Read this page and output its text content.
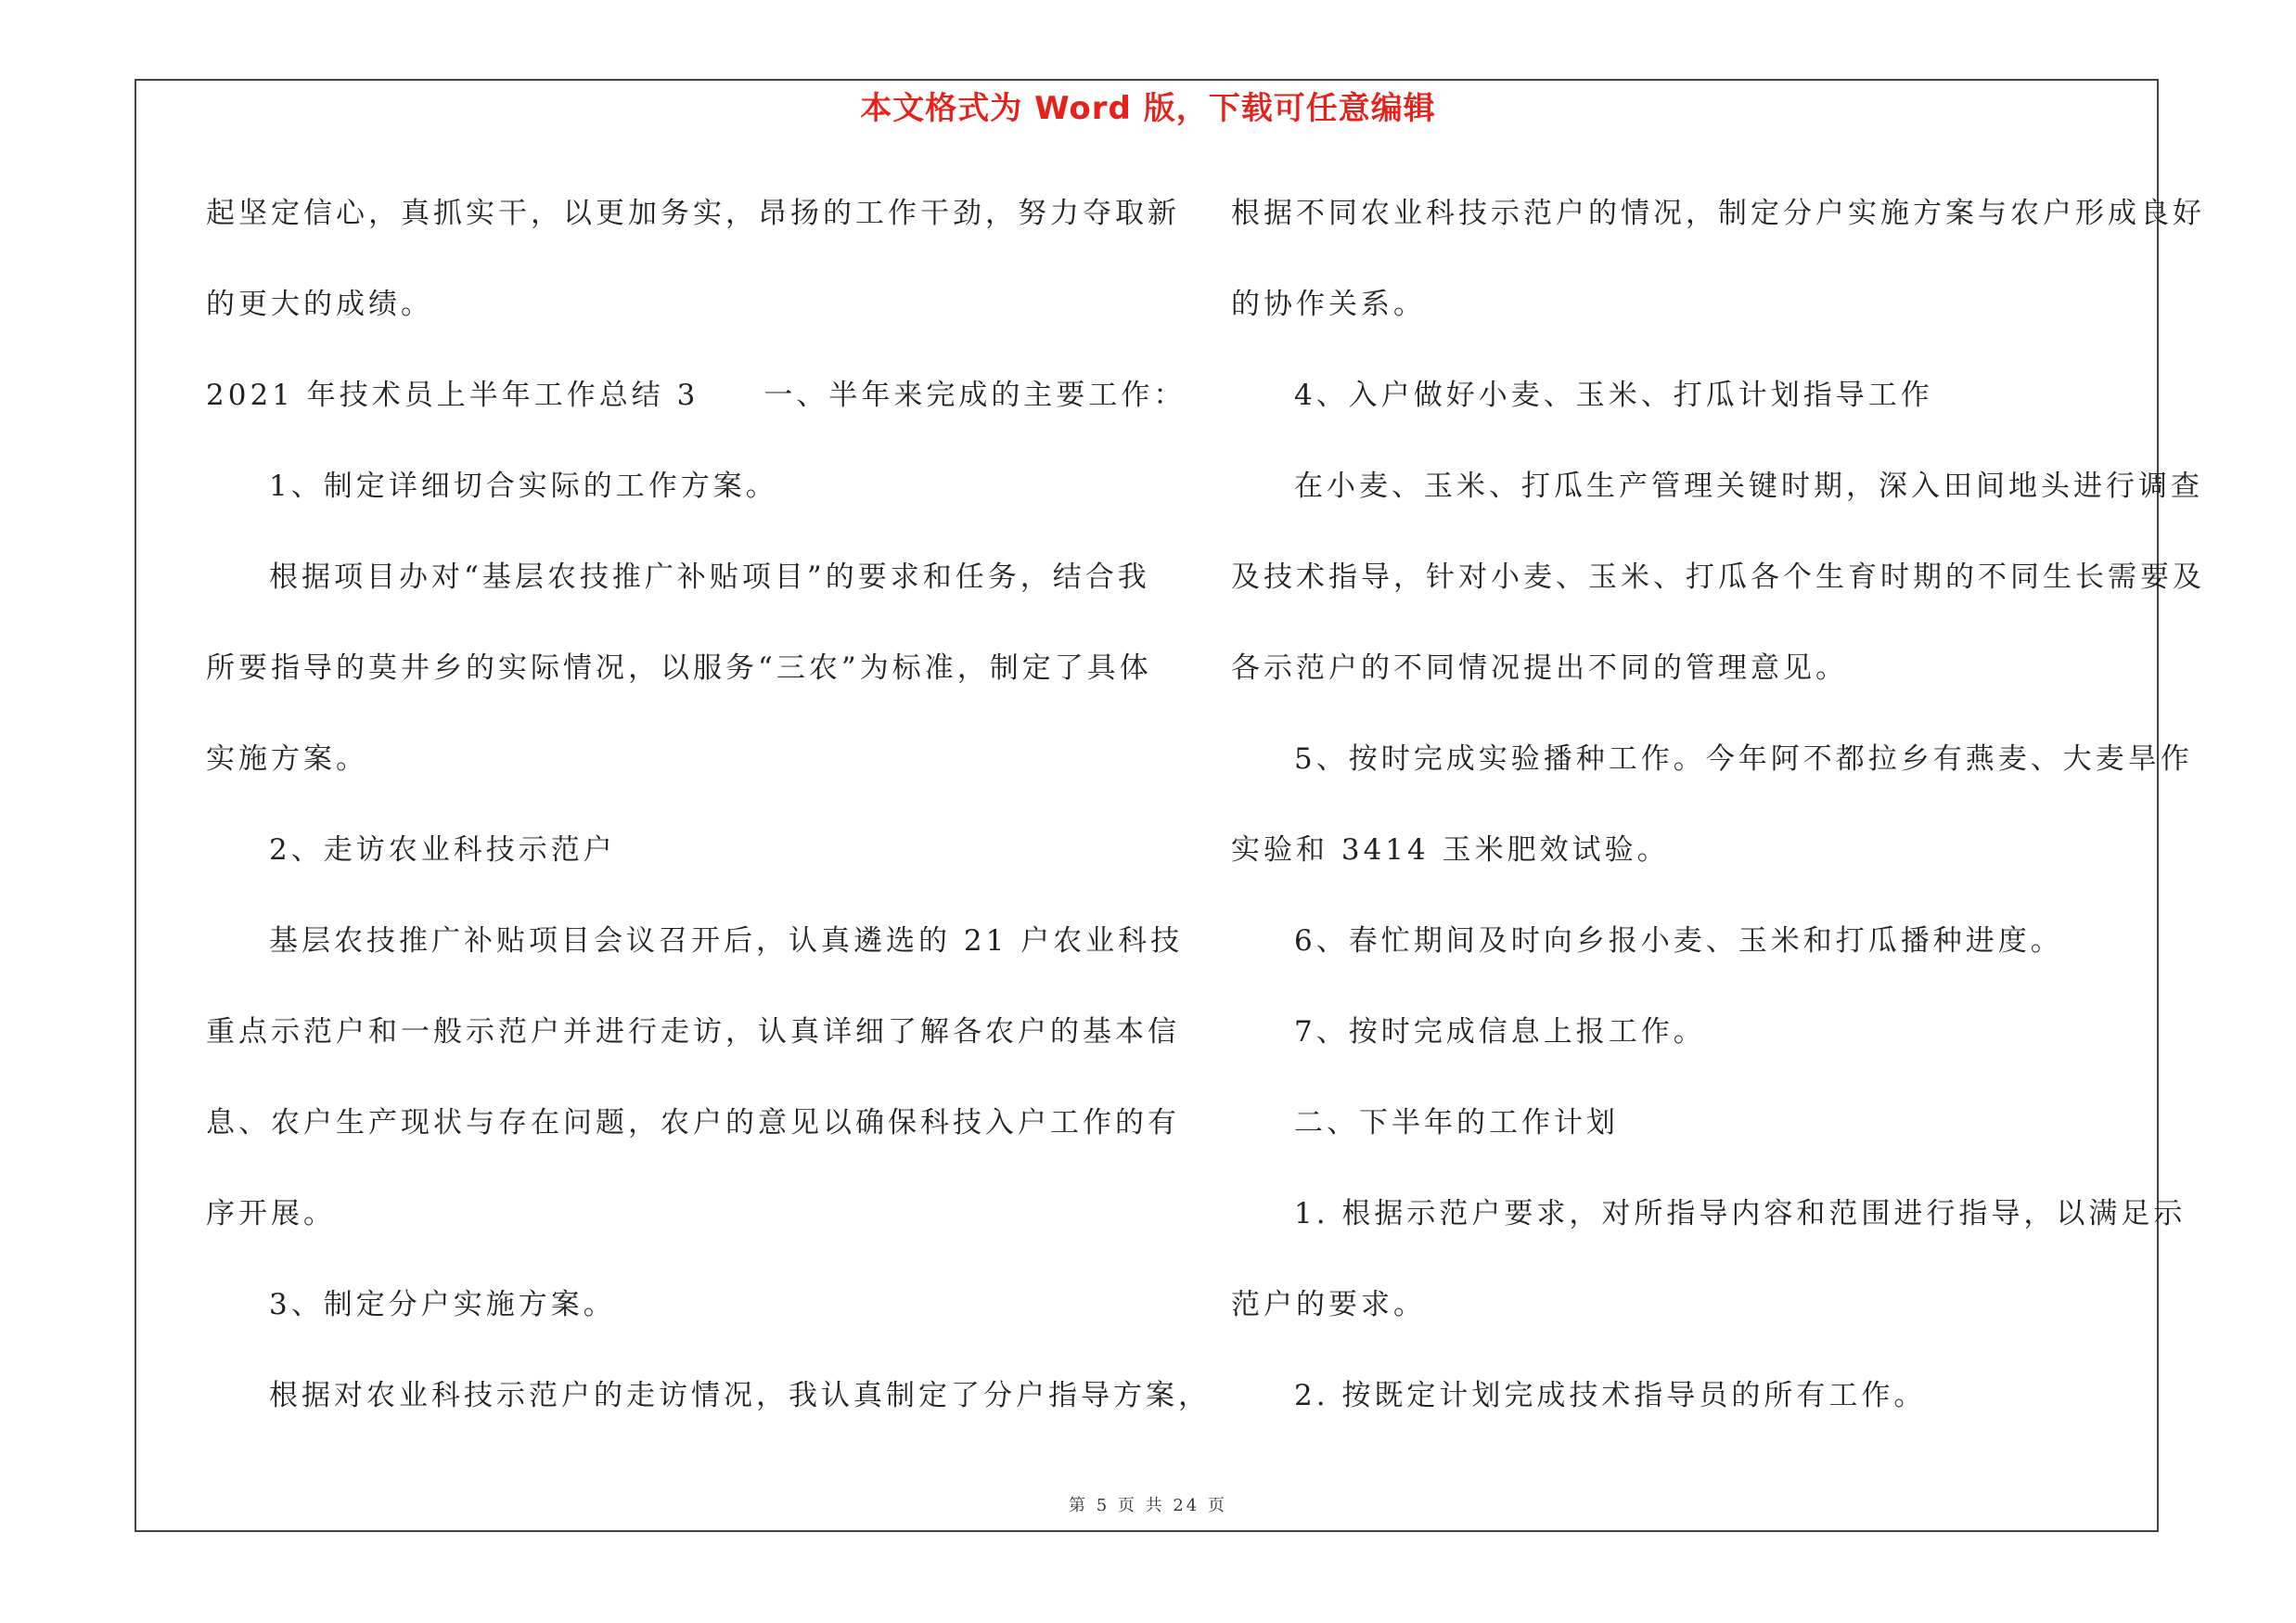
本文格式为 Word 版，下载可任意编辑
起坚定信心，真抓实干，以更加务实，昂扬的工作干劲，努力夺取新
的更大的成绩。
2021 年技术员上半年工作总结 3 一、半年来完成的主要工作：
1、制定详细切合实际的工作方案。
根据项目办对“基层农技推广补贴项目”的要求和任务，结合我
所要指导的莫井乡的实际情况，以服务“三农”为标准，制定了具体
实施方案。
2、走访农业科技示范户
基层农技推广补贴项目会议召开后，认真遴选的 21 户农业科技
重点示范户和一般示范户并进行走访，认真详细了解各农户的基本信
息、农户生产现状与存在问题，农户的意见以确保科技入户工作的有
序开展。
3、制定分户实施方案。
根据对农业科技示范户的走访情况，我认真制定了分户指导方案，
根据不同农业科技示范户的情况，制定分户实施方案与农户形成良好
的协作关系。
4、入户做好小麦、玉米、打瓜计划指导工作
在小麦、玉米、打瓜生产管理关键时期，深入田间地头进行调查
及技术指导，针对小麦、玉米、打瓜各个生育时期的不同生长需要及
各示范户的不同情况提出不同的管理意见。
5、按时完成实验播种工作。今年阿不都拉乡有燕麦、大麦旱作
实验和 3414 玉米肥效试验。
6、春忙期间及时向乡报小麦、玉米和打瓜播种进度。
7、按时完成信息上报工作。
二、下半年的工作计划
1. 根据示范户要求，对所指导内容和范围进行指导，以满足示
范户的要求。
2. 按既定计划完成技术指导员的所有工作。
第 5 页 共 24 页
